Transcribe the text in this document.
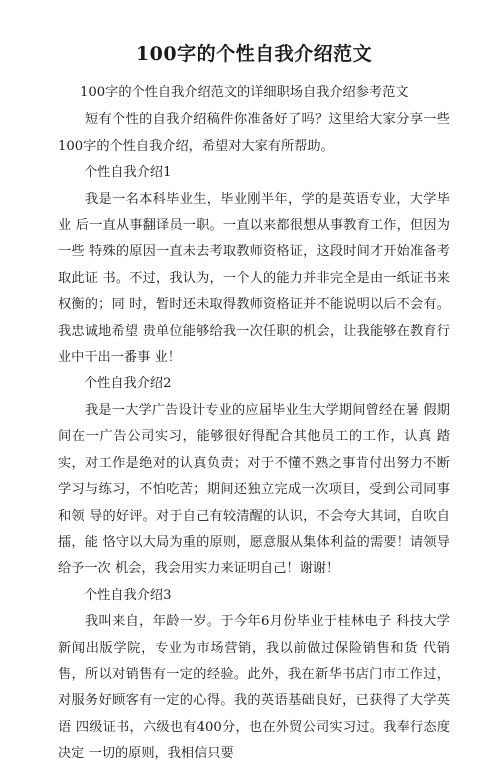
100字的个性自我介绍范文

100字的个性自我介绍范文的详细职场自我介绍参考范文

短有个性的自我介绍稿件你准备好了吗？这里给大家分享一些 100字的个性自我介绍，希望对大家有所帮助。

个性自我介绍1

我是一名本科毕业生，毕业刚半年，学的是英语专业，大学毕业 后一直从事翻译员一职。一直以来都很想从事教育工作，但因为一些 特殊的原因一直未去考取教师资格证，这段时间才开始准备考取此证 书。不过，我认为，一个人的能力并非完全是由一纸证书来权衡的；同 时，暂时还未取得教师资格证并不能说明以后不会有。我忠诚地希望 贵单位能够给我一次任职的机会，让我能够在教育行业中干出一番事 业！

个性自我介绍2

我是一大学广告设计专业的应届毕业生大学期间曾经在暑 假期间在一广告公司实习，能够很好得配合其他员工的工作，认真 踏实，对工作是绝对的认真负责；对于不懂不熟之事肯付出努力不断 学习与练习，不怕吃苦；期间还独立完成一次项目，受到公司同事和领 导的好评。对于自己有较清醒的认识，不会夸大其词，自吹自擂，能 恪守以大局为重的原则，愿意服从集体利益的需要！请领导给予一次 机会，我会用实力来证明自己！谢谢！

个性自我介绍3

我叫来自，年龄一岁。于今年6月份毕业于桂林电子 科技大学新闻出版学院，专业为市场营销，我以前做过保险销售和货 代销售，所以对销售有一定的经验。此外，我在新华书店门市工作过， 对服务好顾客有一定的心得。我的英语基础良好，已获得了大学英语 四级证书，六级也有400分，也在外贸公司实习过。我奉行态度决定 一切的原则，我相信只要
